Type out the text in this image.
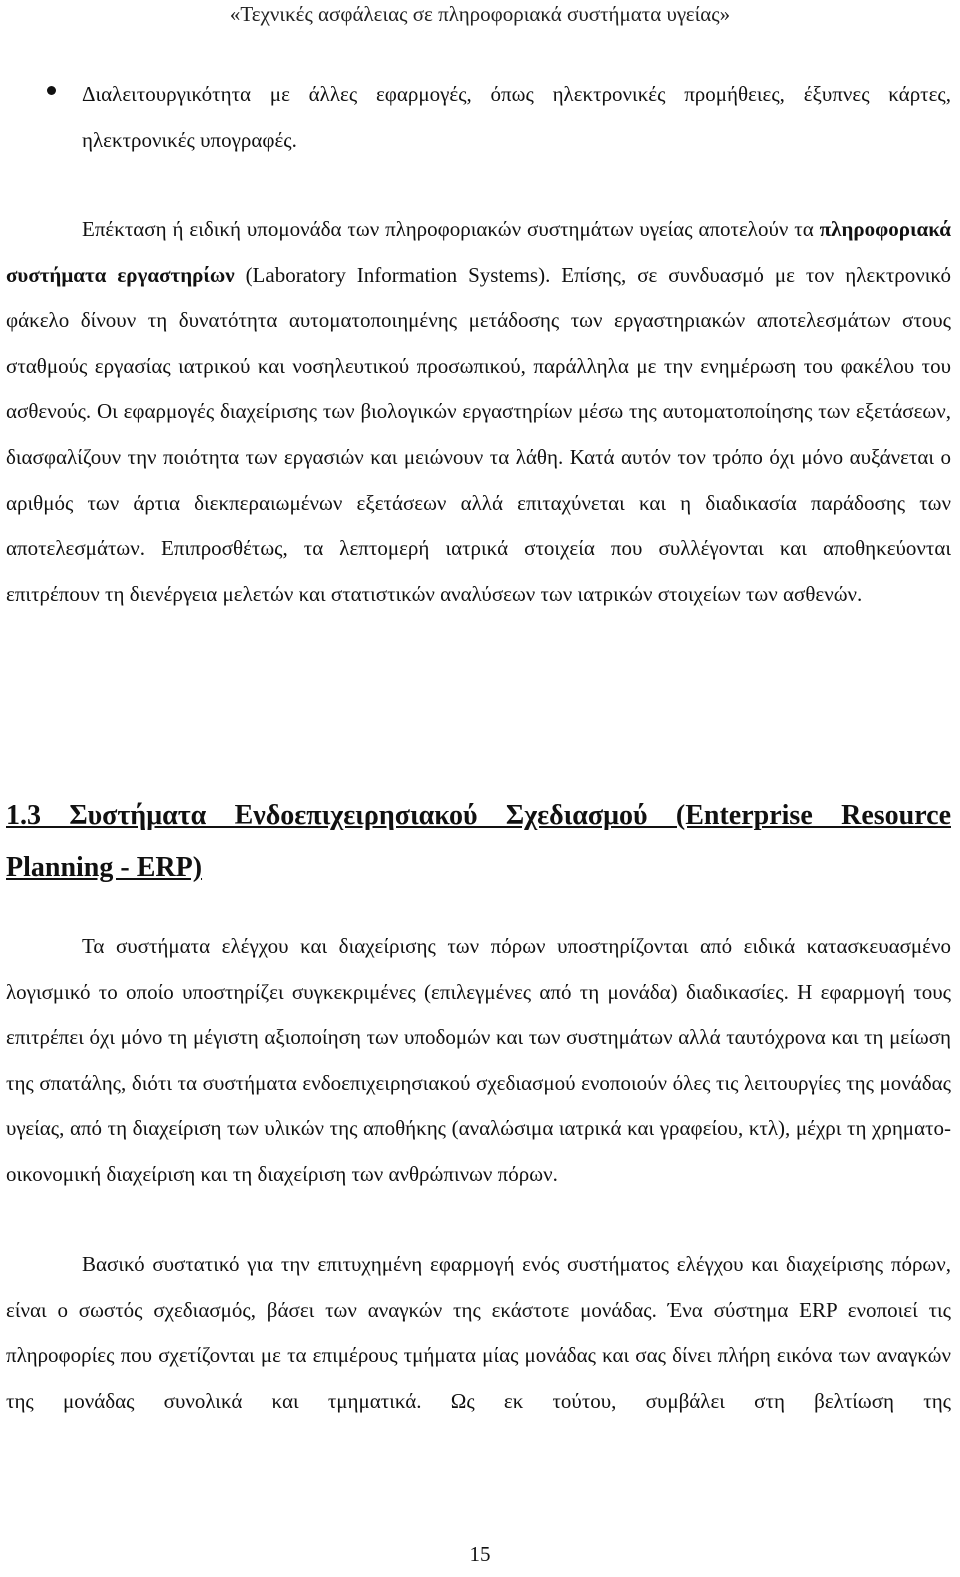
«Τεχνικές ασφάλειας σε πληροφοριακά συστήματα υγείας»
Διαλειτουργικότητα με άλλες εφαρμογές, όπως ηλεκτρονικές προμήθειες, έξυπνες κάρτες, ηλεκτρονικές υπογραφές.
Επέκταση ή ειδική υπομονάδα των πληροφοριακών συστημάτων υγείας αποτελούν τα πληροφοριακά συστήματα εργαστηρίων (Laboratory Information Systems). Επίσης, σε συνδυασμό με τον ηλεκτρονικό φάκελο δίνουν τη δυνατότητα αυτοματοποιημένης μετάδοσης των εργαστηριακών αποτελεσμάτων στους σταθμούς εργασίας ιατρικού και νοσηλευτικού προσωπικού, παράλληλα με την ενημέρωση του φακέλου του ασθενούς. Οι εφαρμογές διαχείρισης των βιολογικών εργαστηρίων μέσω της αυτοματοποίησης των εξετάσεων, διασφαλίζουν την ποιότητα των εργασιών και μειώνουν τα λάθη. Κατά αυτόν τον τρόπο όχι μόνο αυξάνεται ο αριθμός των άρτια διεκπεραιωμένων εξετάσεων αλλά επιταχύνεται και η διαδικασία παράδοσης των αποτελεσμάτων. Επιπροσθέτως, τα λεπτομερή ιατρικά στοιχεία που συλλέγονται και αποθηκεύονται επιτρέπουν τη διενέργεια μελετών και στατιστικών αναλύσεων των ιατρικών στοιχείων των ασθενών.
1.3 Συστήματα Ενδοεπιχειρησιακού Σχεδιασμού (Enterprise Resource Planning - ERP)
Τα συστήματα ελέγχου και διαχείρισης των πόρων υποστηρίζονται από ειδικά κατασκευασμένο λογισμικό το οποίο υποστηρίζει συγκεκριμένες (επιλεγμένες από τη μονάδα) διαδικασίες. Η εφαρμογή τους επιτρέπει όχι μόνο τη μέγιστη αξιοποίηση των υποδομών και των συστημάτων αλλά ταυτόχρονα και τη μείωση της σπατάλης, διότι τα συστήματα ενδοεπιχειρησιακού σχεδιασμού ενοποιούν όλες τις λειτουργίες της μονάδας υγείας, από τη διαχείριση των υλικών της αποθήκης (αναλώσιμα ιατρικά και γραφείου, κτλ), μέχρι τη χρηματο-οικονομική διαχείριση και τη διαχείριση των ανθρώπινων πόρων.
Βασικό συστατικό για την επιτυχημένη εφαρμογή ενός συστήματος ελέγχου και διαχείρισης πόρων, είναι ο σωστός σχεδιασμός, βάσει των αναγκών της εκάστοτε μονάδας. Ένα σύστημα ERP ενοποιεί τις πληροφορίες που σχετίζονται με τα επιμέρους τμήματα μίας μονάδας και σας δίνει πλήρη εικόνα των αναγκών της μονάδας συνολικά και τμηματικά. Ως εκ τούτου, συμβάλει στη βελτίωση της
15
